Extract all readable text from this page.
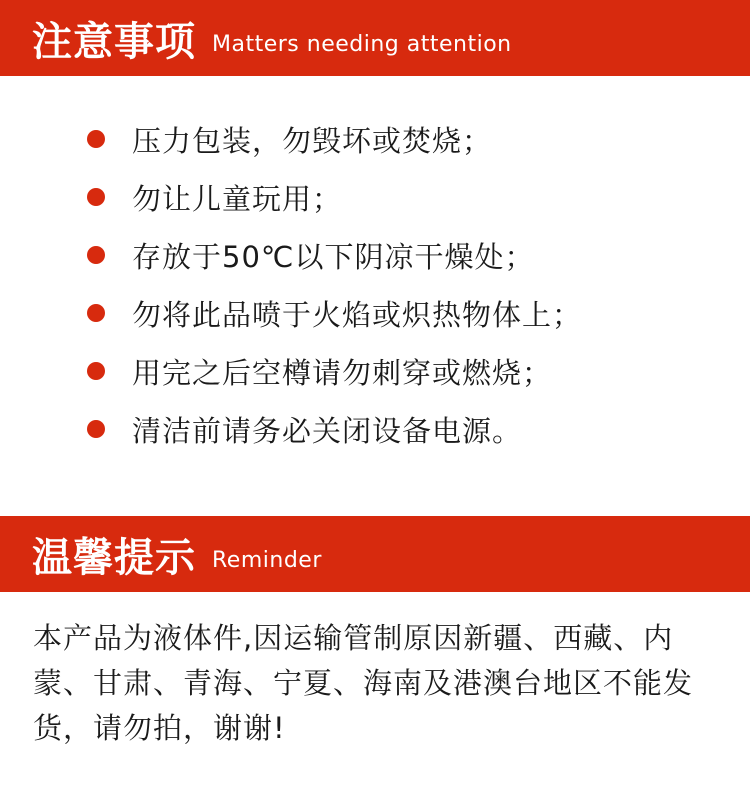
注意事项 Matters needing attention
压力包装，勿毁坏或焚烧；
勿让儿童玩用；
存放于50℃以下阴凉干燥处；
勿将此品喷于火焰或炽热物体上；
用完之后空樽请勿刺穿或燃烧；
清洁前请务必关闭设备电源。
温馨提示 Reminder
本产品为液体件,因运输管制原因新疆、西藏、内蒙、甘肃、青海、宁夏、海南及港澳台地区不能发货，请勿拍，谢谢!
